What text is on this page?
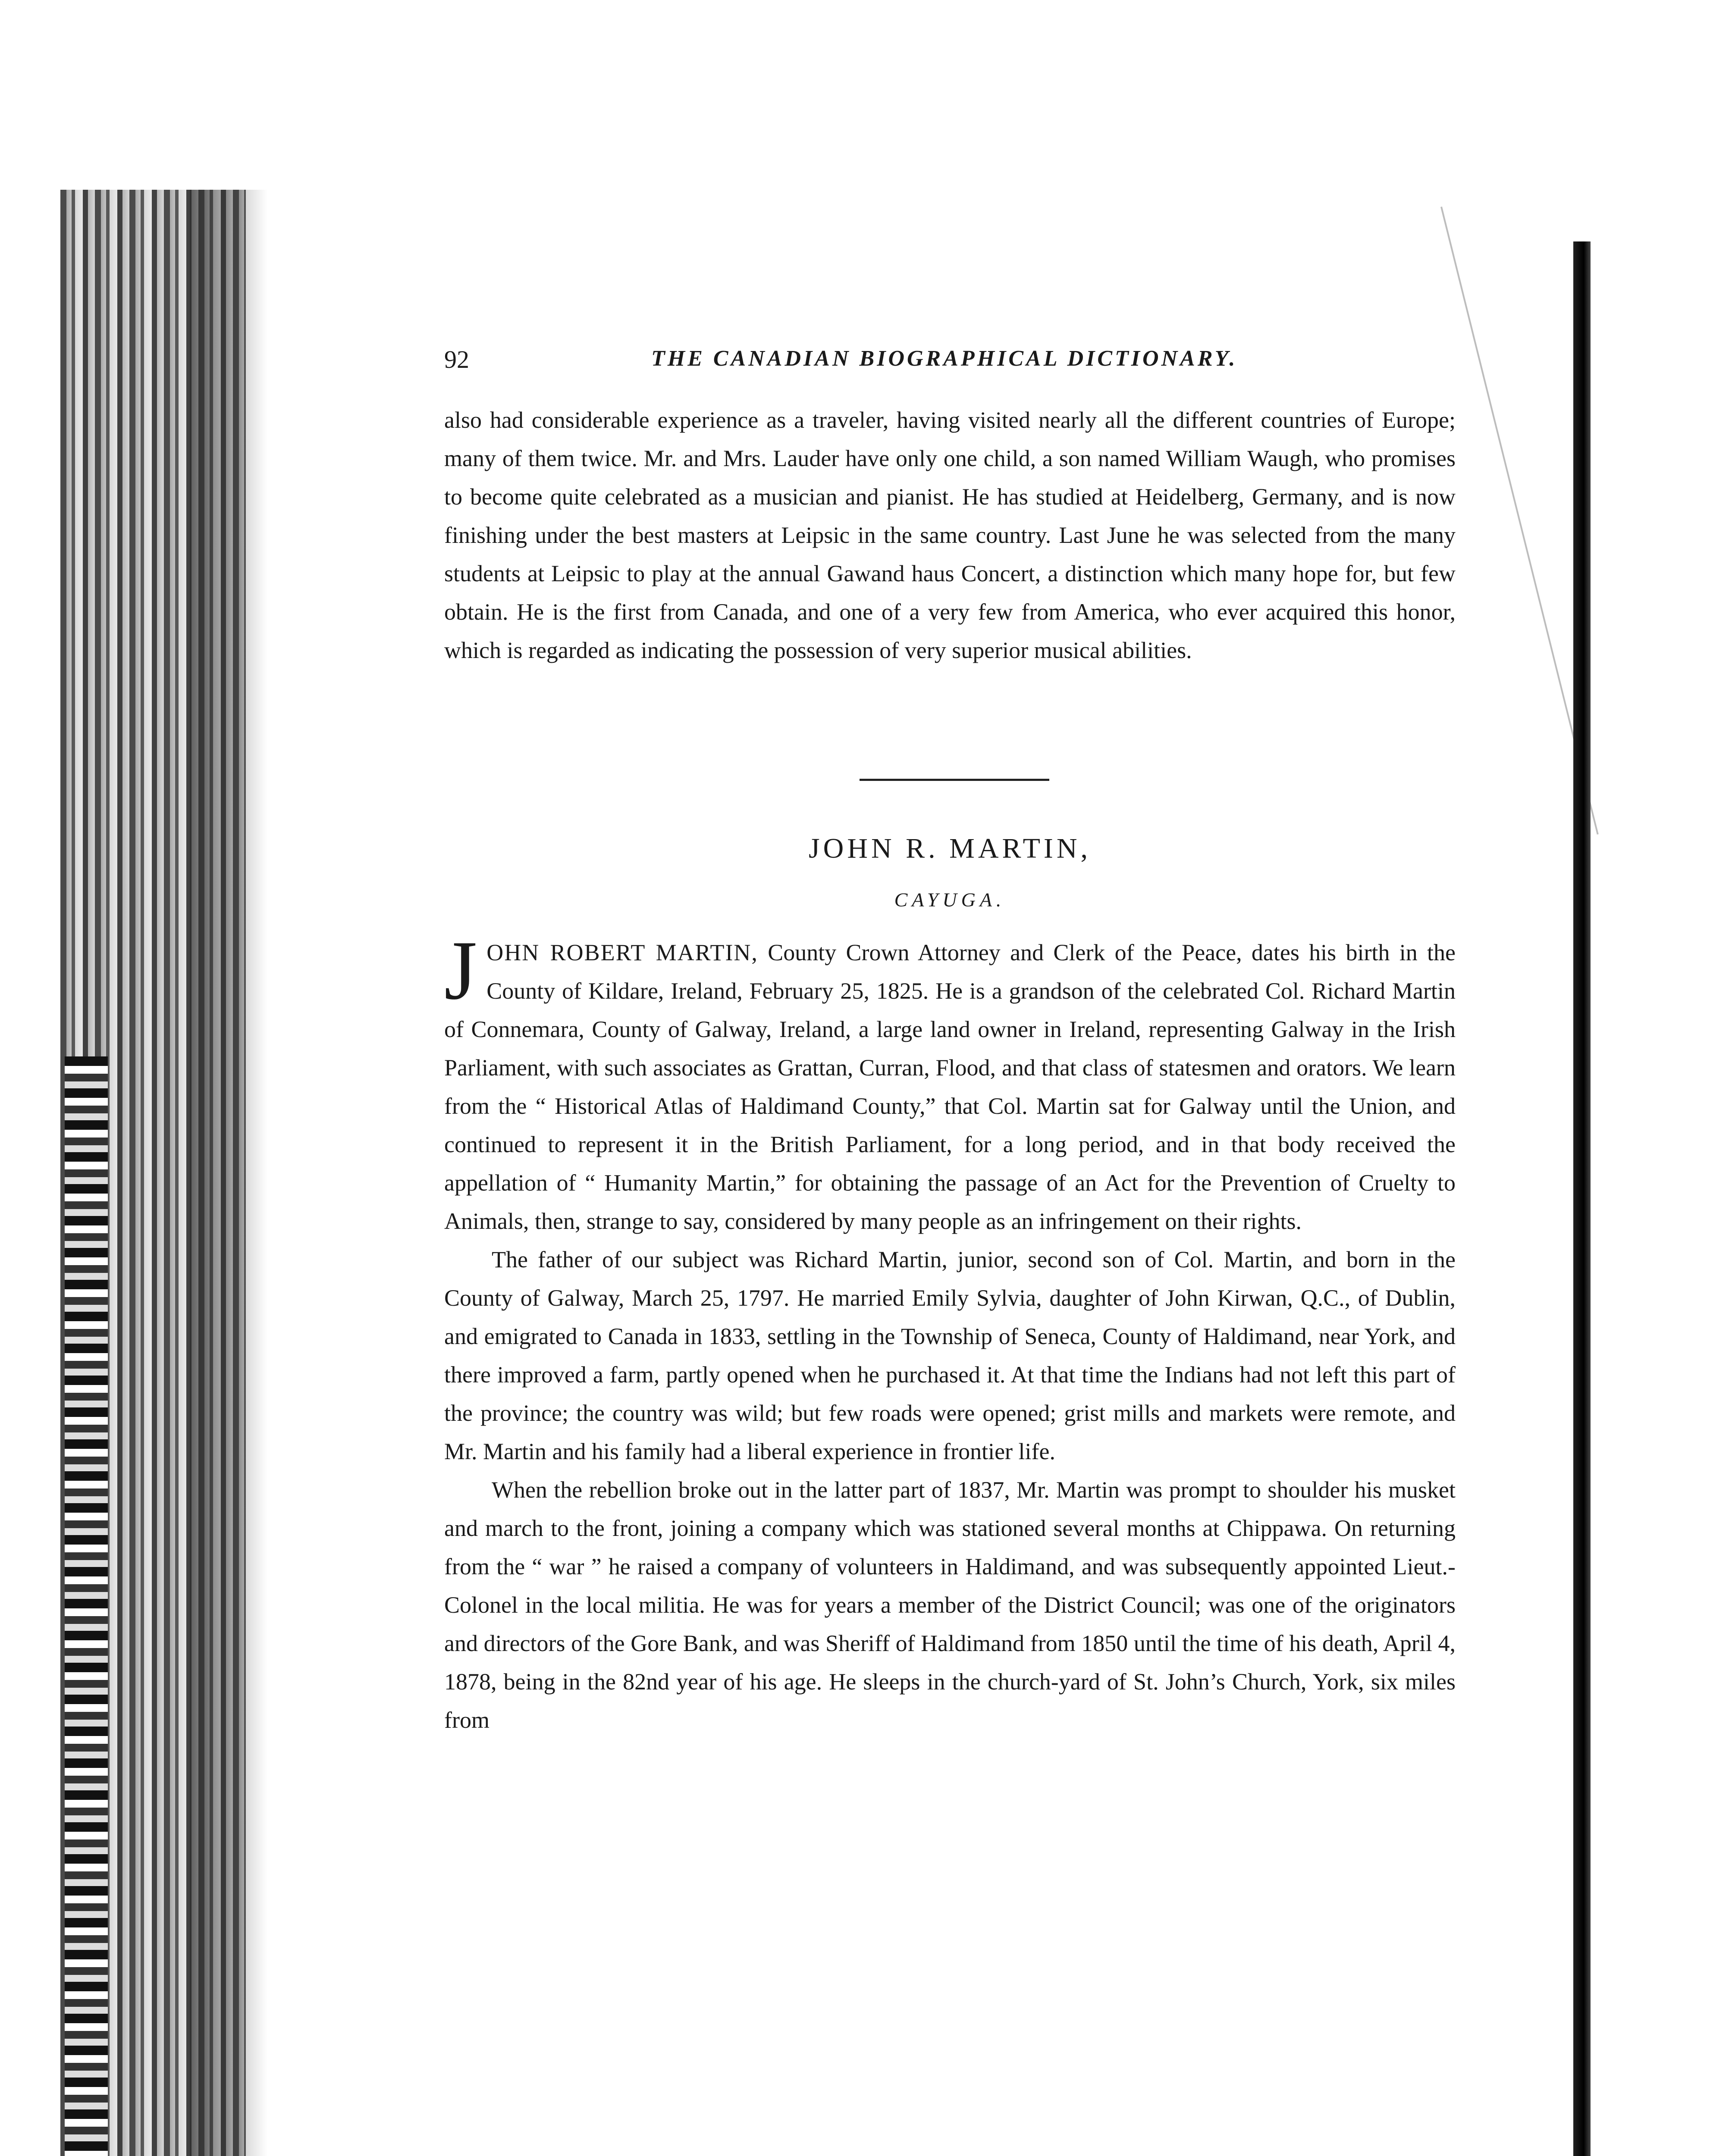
92	THE CANADIAN BIOGRAPHICAL DICTIONARY.

also had considerable experience as a traveler, having visited nearly all the different countries of Europe; many of them twice. Mr. and Mrs. Lauder have only one child, a son named William Waugh, who promises to become quite celebrated as a musician and pianist. He has studied at Heidelberg, Germany, and is now finishing under the best masters at Leipsic in the same country. Last June he was selected from the many students at Leipsic to play at the annual Gawand haus Concert, a distinction which many hope for, but few obtain. He is the first from Canada, and one of a very few from America, who ever acquired this honor, which is regarded as indicating the possession of very superior musical abilities.

JOHN R. MARTIN,
CAYUGA.

JOHN ROBERT MARTIN, County Crown Attorney and Clerk of the Peace, dates his birth in the County of Kildare, Ireland, February 25, 1825. He is a grandson of the celebrated Col. Richard Martin of Connemara, County of Galway, Ireland, a large land owner in Ireland, representing Galway in the Irish Parliament, with such associates as Grattan, Curran, Flood, and that class of statesmen and orators. We learn from the “ Historical Atlas of Haldimand County,” that Col. Martin sat for Galway until the Union, and continued to represent it in the British Parliament, for a long period, and in that body received the appellation of “ Humanity Martin,” for obtaining the passage of an Act for the Prevention of Cruelty to Animals, then, strange to say, considered by many people as an infringement on their rights.

The father of our subject was Richard Martin, junior, second son of Col. Martin, and born in the County of Galway, March 25, 1797. He married Emily Sylvia, daughter of John Kirwan, Q.C., of Dublin, and emigrated to Canada in 1833, settling in the Township of Seneca, County of Haldimand, near York, and there improved a farm, partly opened when he purchased it. At that time the Indians had not left this part of the province; the country was wild; but few roads were opened; grist mills and markets were remote, and Mr. Martin and his family had a liberal experience in frontier life.

When the rebellion broke out in the latter part of 1837, Mr. Martin was prompt to shoulder his musket and march to the front, joining a company which was stationed several months at Chippawa. On returning from the “ war ” he raised a company of volunteers in Haldimand, and was subsequently appointed Lieut.-Colonel in the local militia. He was for years a member of the District Council; was one of the originators and directors of the Gore Bank, and was Sheriff of Haldimand from 1850 until the time of his death, April 4, 1878, being in the 82nd year of his age. He sleeps in the church-yard of St. John’s Church, York, six miles from
